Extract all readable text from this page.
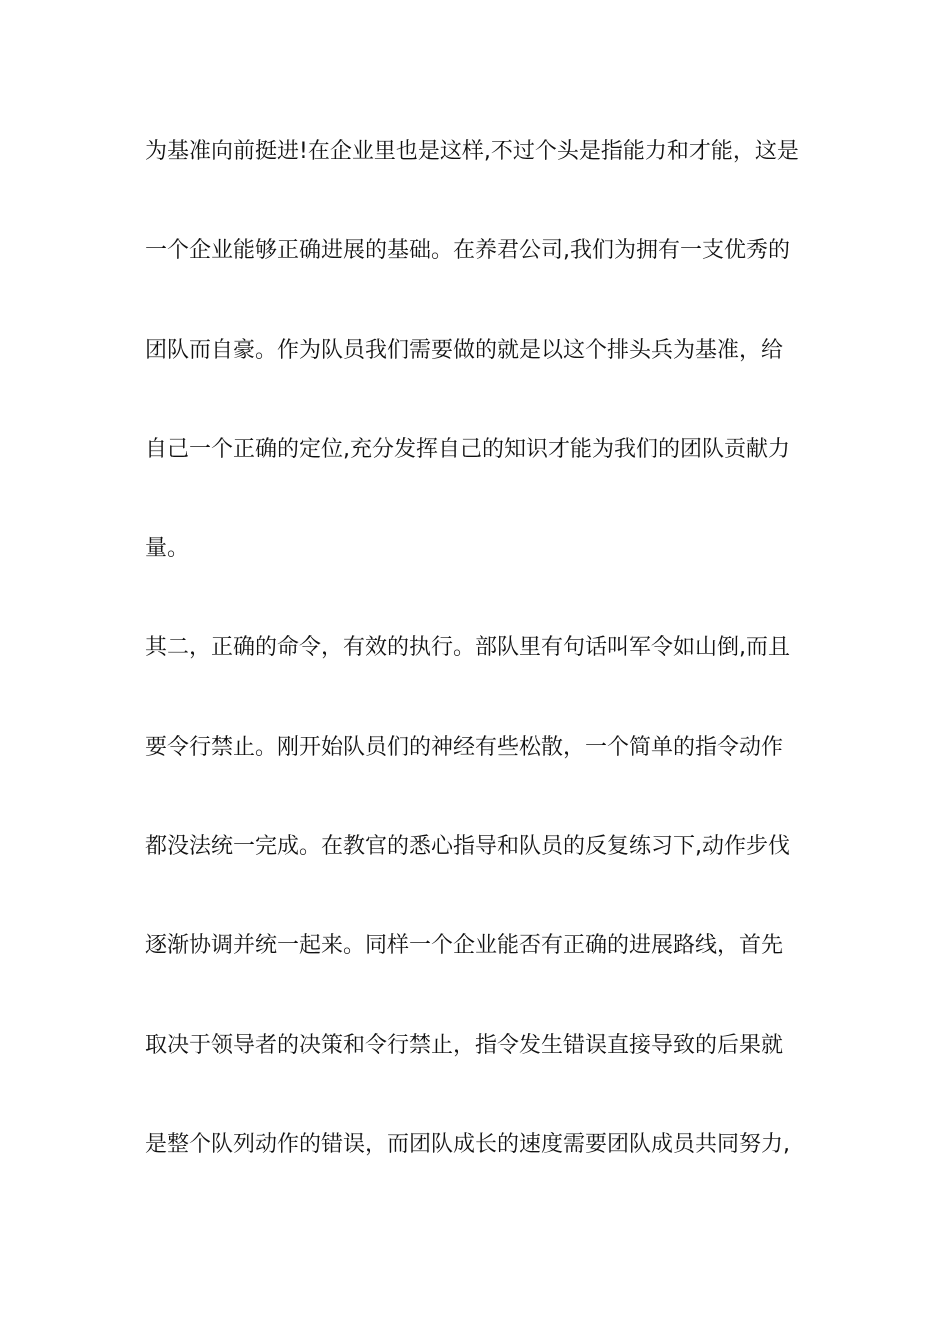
为基准向前挺进!在企业里也是这样,不过个头是指能力和才能，这是
一个企业能够正确进展的基础。在养君公司,我们为拥有一支优秀的
团队而自豪。作为队员我们需要做的就是以这个排头兵为基准，给
自己一个正确的定位,充分发挥自己的知识才能为我们的团队贡献力
量。
其二，正确的命令，有效的执行。部队里有句话叫军令如山倒,而且
要令行禁止。刚开始队员们的神经有些松散，一个简单的指令动作
都没法统一完成。在教官的悉心指导和队员的反复练习下,动作步伐
逐渐协调并统一起来。同样一个企业能否有正确的进展路线，首先
取决于领导者的决策和令行禁止，指令发生错误直接导致的后果就
是整个队列动作的错误，而团队成长的速度需要团队成员共同努力,
